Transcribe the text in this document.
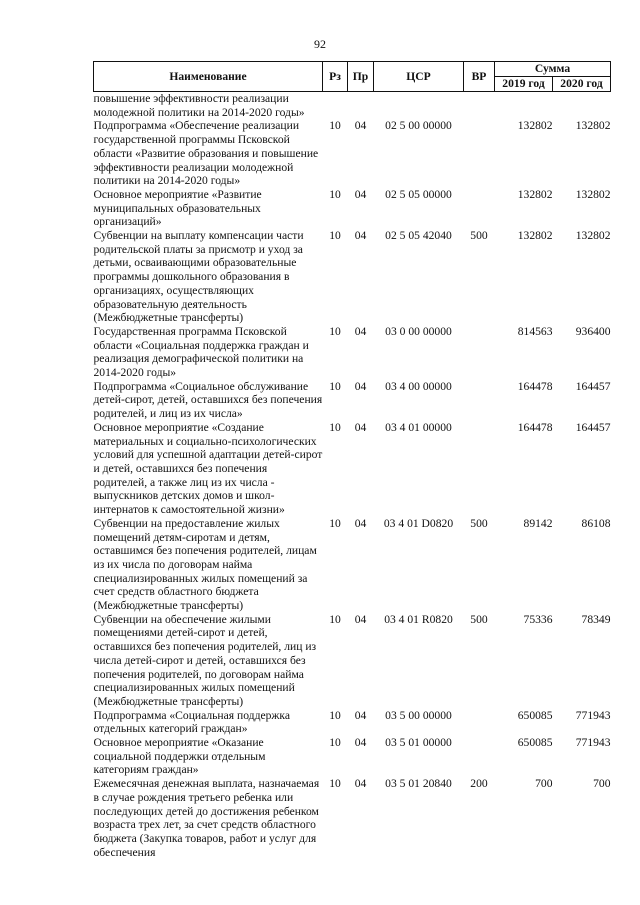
92
Наименование	Рз	Пр	ЦСР	ВР	Сумма	
					2019 год	2020 год
повышение эффективности реализации молодежной политики на 2014-2020 годы»						
Подпрограмма «Обеспечение реализации государственной программы Псковской области «Развитие образования и повышение эффективности реализации молодежной политики на 2014-2020 годы»	10	04	02 5 00 00000		132802	132802
Основное мероприятие «Развитие муниципальных образовательных организаций»	10	04	02 5 05 00000		132802	132802
Субвенции на выплату компенсации части родительской платы за присмотр и уход за детьми, осваивающими образовательные программы дошкольного образования в организациях, осуществляющих образовательную деятельность (Межбюджетные трансферты)	10	04	02 5 05 42040	500	132802	132802
Государственная программа Псковской области «Социальная поддержка граждан и реализация демографической политики на 2014-2020 годы»	10	04	03 0 00 00000		814563	936400
Подпрограмма «Социальное обслуживание детей-сирот, детей, оставшихся без попечения родителей, и лиц из их числа»	10	04	03 4 00 00000		164478	164457
Основное мероприятие «Создание материальных и социально-психологических условий для успешной адаптации детей-сирот и детей, оставшихся без попечения родителей, а также лиц из их числа - выпускников детских домов и школ-интернатов к самостоятельной жизни»	10	04	03 4 01 00000		164478	164457
Субвенции на предоставление жилых помещений детям-сиротам и детям, оставшимся без попечения родителей, лицам из их числа по договорам найма специализированных жилых помещений за счет средств областного бюджета (Межбюджетные трансферты)	10	04	03 4 01 D0820	500	89142	86108
Субвенции на обеспечение жилыми помещениями детей-сирот и детей, оставшихся без попечения родителей, лиц из числа детей-сирот и детей, оставшихся без попечения родителей, по договорам найма специализированных жилых помещений (Межбюджетные трансферты)	10	04	03 4 01 R0820	500	75336	78349
Подпрограмма «Социальная поддержка отдельных категорий граждан»	10	04	03 5 00 00000		650085	771943
Основное мероприятие «Оказание социальной поддержки отдельным категориям граждан»	10	04	03 5 01 00000		650085	771943
Ежемесячная денежная выплата, назначаемая в случае рождения третьего ребенка или последующих детей до достижения ребенком возраста трех лет, за счет средств областного бюджета (Закупка товаров, работ и услуг для обеспечения	10	04	03 5 01 20840	200	700	700
